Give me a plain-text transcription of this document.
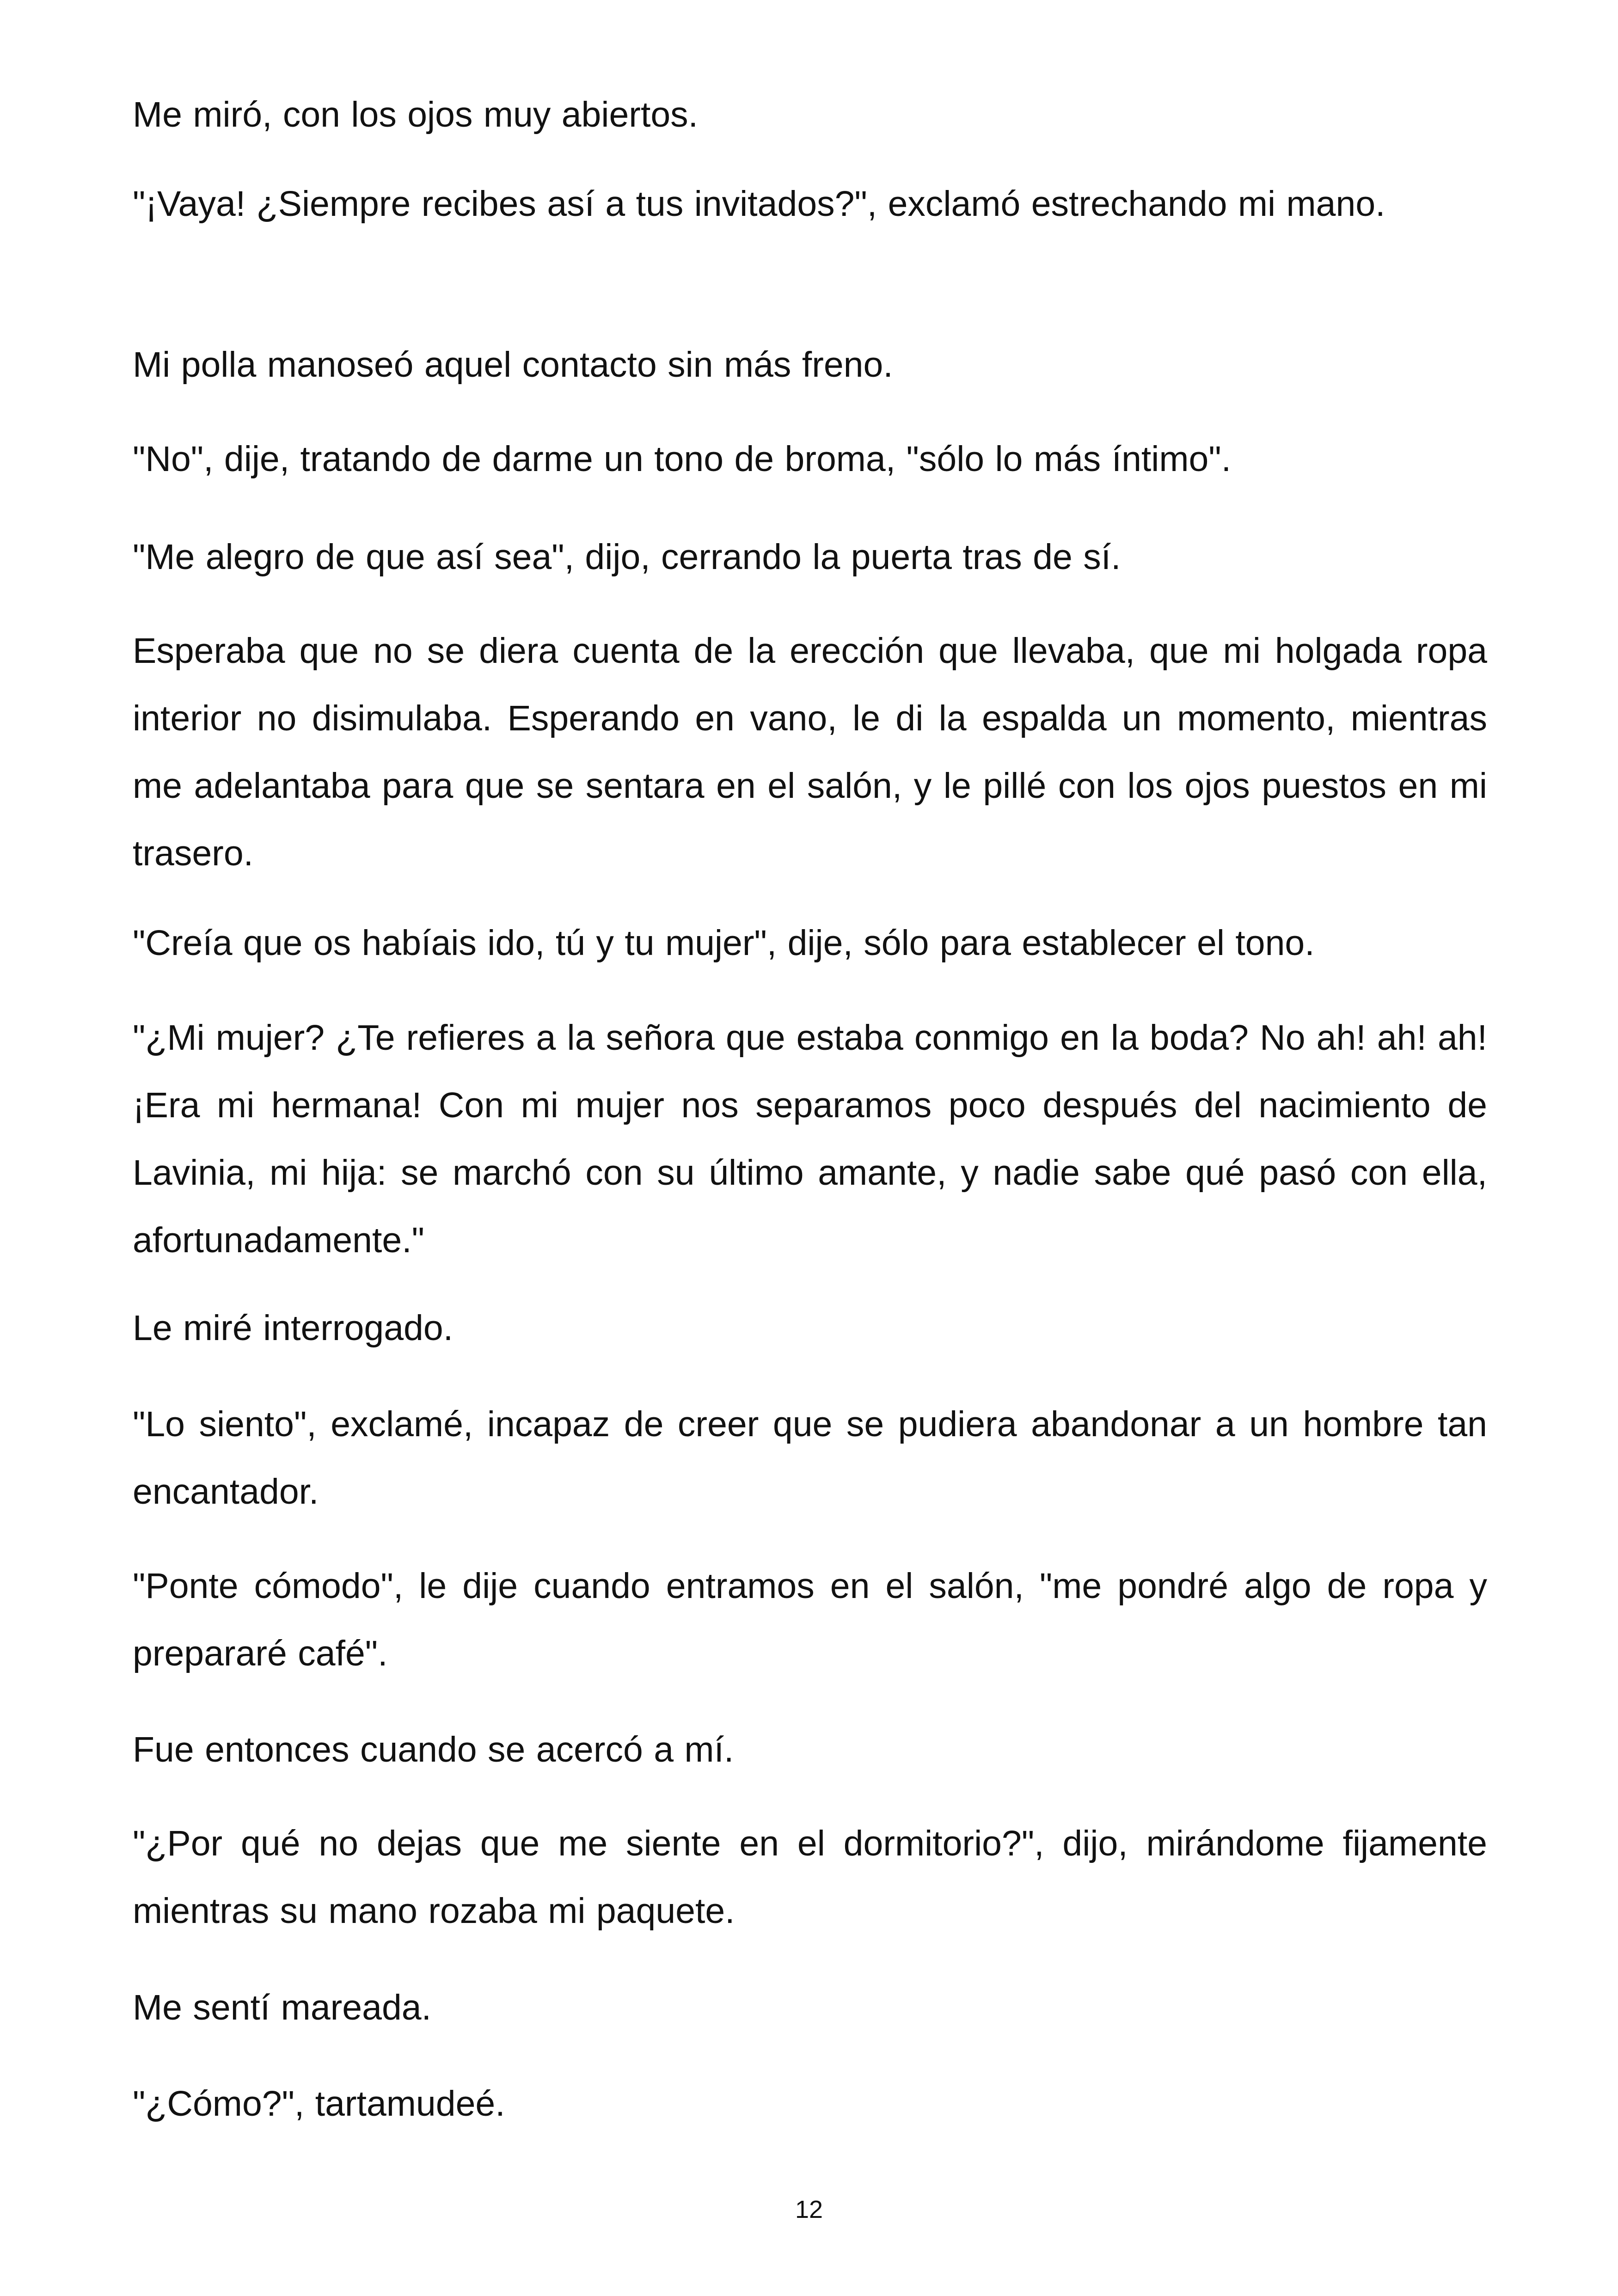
Me miró, con los ojos muy abiertos.

"¡Vaya! ¿Siempre recibes así a tus invitados?", exclamó estrechando mi mano.

Mi polla manoseó aquel contacto sin más freno.

"No", dije, tratando de darme un tono de broma, "sólo lo más íntimo".

"Me alegro de que así sea", dijo, cerrando la puerta tras de sí.

Esperaba que no se diera cuenta de la erección que llevaba, que mi holgada ropa interior no disimulaba. Esperando en vano, le di la espalda un momento, mientras me adelantaba para que se sentara en el salón, y le pillé con los ojos puestos en mi trasero.

"Creía que os habíais ido, tú y tu mujer", dije, sólo para establecer el tono.

"¿Mi mujer? ¿Te refieres a la señora que estaba conmigo en la boda? No ah! ah! ah! ¡Era mi hermana! Con mi mujer nos separamos poco después del nacimiento de Lavinia, mi hija: se marchó con su último amante, y nadie sabe qué pasó con ella, afortunadamente."

Le miré interrogado.

"Lo siento", exclamé, incapaz de creer que se pudiera abandonar a un hombre tan encantador.

"Ponte cómodo", le dije cuando entramos en el salón, "me pondré algo de ropa y prepararé café".

Fue entonces cuando se acercó a mí.

"¿Por qué no dejas que me siente en el dormitorio?", dijo, mirándome fijamente mientras su mano rozaba mi paquete.

Me sentí mareada.

"¿Cómo?", tartamudeé.

12
